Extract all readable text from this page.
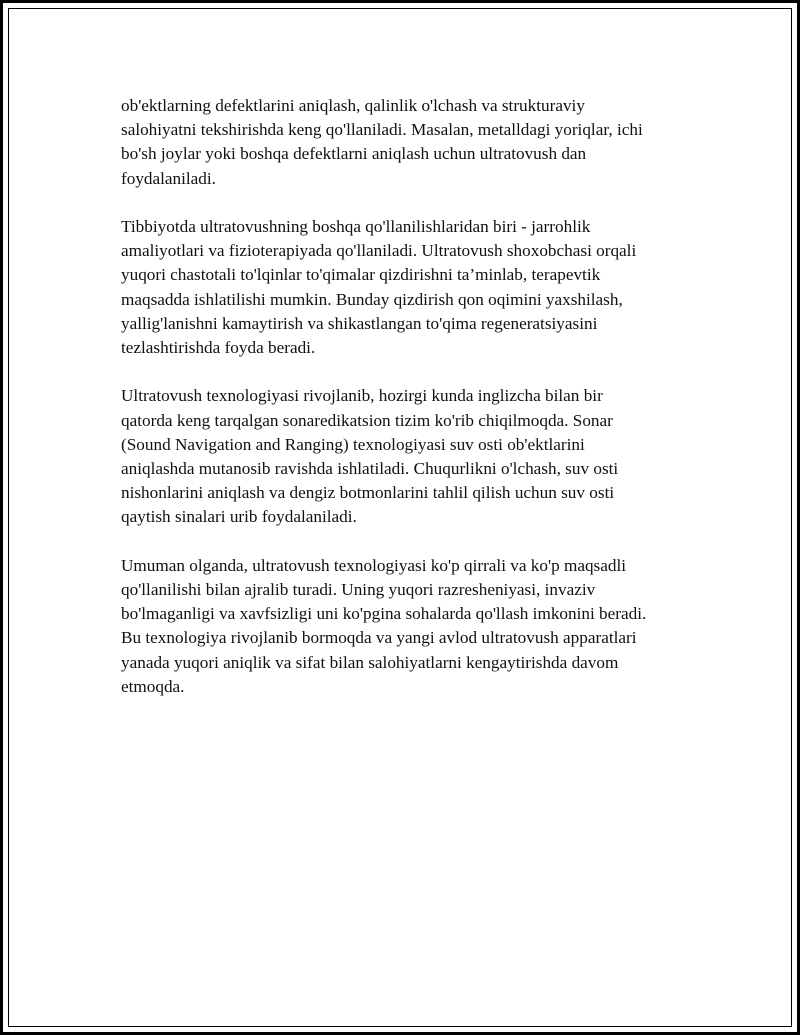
ob'ektlarning defektlarini aniqlash, qalinlik o'lchash va strukturaviy
salohiyatni tekshirishda keng qo'llaniladi. Masalan, metalldagi yoriqlar, ichi
bo'sh joylar yoki boshqa defektlarni aniqlash uchun ultratovush dan
foydalaniladi.

Tibbiyotda ultratovushning boshqa qo'llanilishlaridan biri - jarrohlik
amaliyotlari va fizioterapiyada qo'llaniladi. Ultratovush shoxobchasi orqali
yuqori chastotali to'lqinlar to'qimalar qizdirishni ta’minlab, terapevtik
maqsadda ishlatilishi mumkin. Bunday qizdirish qon oqimini yaxshilash,
yallig'lanishni kamaytirish va shikastlangan to'qima regeneratsiyasini
tezlashtirishda foyda beradi.

Ultratovush texnologiyasi rivojlanib, hozirgi kunda inglizcha bilan bir
qatorda keng tarqalgan sonaredikatsion tizim ko'rib chiqilmoqda. Sonar
(Sound Navigation and Ranging) texnologiyasi suv osti ob'ektlarini
aniqlashda mutanosib ravishda ishlatiladi. Chuqurlikni o'lchash, suv osti
nishonlarini aniqlash va dengiz botmonlarini tahlil qilish uchun suv osti
qaytish sinalari urib foydalaniladi.

Umuman olganda, ultratovush texnologiyasi ko'p qirrali va ko'p maqsadli
qo'llanilishi bilan ajralib turadi. Uning yuqori razresheniyasi, invaziv
bo'lmaganligi va xavfsizligi uni ko'pgina sohalarda qo'llash imkonini beradi.
Bu texnologiya rivojlanib bormoqda va yangi avlod ultratovush apparatlari
yanada yuqori aniqlik va sifat bilan salohiyatlarni kengaytirishda davom
etmoqda.
